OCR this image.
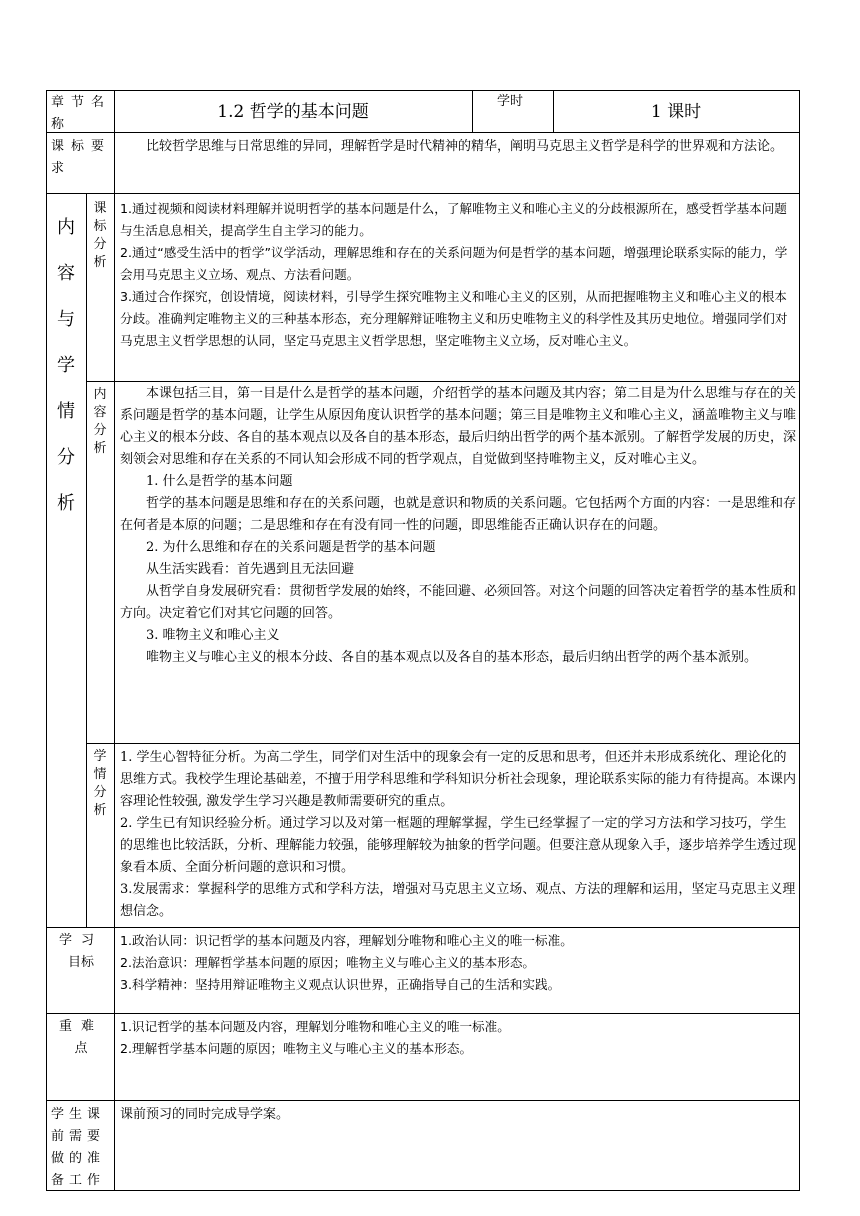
章节名称
1.2 哲学的基本问题
学时
1 课时
课标要求
比较哲学思维与日常思维的异同，理解哲学是时代精神的精华，阐明马克思主义哲学是科学的世界观和方法论。
内
容
与
学
情
分
析
课
标
分
析

1.通过视频和阅读材料理解并说明哲学的基本问题是什么，了解唯物主义和唯心主义的分歧根源所在，感受哲学基本问题与生活息息相关，提高学生自主学习的能力。

2.通过“感受生活中的哲学”议学活动，理解思维和存在的关系问题为何是哲学的基本问题，增强理论联系实际的能力，学会用马克思主义立场、观点、方法看问题。

3.通过合作探究，创设情境，阅读材料，引导学生探究唯物主义和唯心主义的区别，从而把握唯物主义和唯心主义的根本分歧。准确判定唯物主义的三种基本形态，充分理解辩证唯物主义和历史唯物主义的科学性及其历史地位。增强同学们对马克思主义哲学思想的认同，坚定马克思主义哲学思想，坚定唯物主义立场，反对唯心主义。

内
容
分
析

本课包括三目，第一目是什么是哲学的基本问题，介绍哲学的基本问题及其内容；第二目是为什么思维与存在的关系问题是哲学的基本问题，让学生从原因角度认识哲学的基本问题；第三目是唯物主义和唯心主义，涵盖唯物主义与唯心主义的根本分歧、各自的基本观点以及各自的基本形态，最后归纳出哲学的两个基本派别。了解哲学发展的历史，深刻领会对思维和存在关系的不同认知会形成不同的哲学观点，自觉做到坚持唯物主义，反对唯心主义。

1. 什么是哲学的基本问题

哲学的基本问题是思维和存在的关系问题，也就是意识和物质的关系问题。它包括两个方面的内容：一是思维和存在何者是本原的问题；二是思维和存在有没有同一性的问题，即思维能否正确认识存在的问题。

2. 为什么思维和存在的关系问题是哲学的基本问题

从生活实践看：首先遇到且无法回避

从哲学自身发展研究看：贯彻哲学发展的始终，不能回避、必须回答。对这个问题的回答决定着哲学的基本性质和方向。决定着它们对其它问题的回答。

3. 唯物主义和唯心主义

唯物主义与唯心主义的根本分歧、各自的基本观点以及各自的基本形态，最后归纳出哲学的两个基本派别。

学
情
分
析

1. 学生心智特征分析。为高二学生，同学们对生活中的现象会有一定的反思和思考，但还并未形成系统化、理论化的思维方式。我校学生理论基础差，不擅于用学科思维和学科知识分析社会现象，理论联系实际的能力有待提高。本课内容理论性较强, 激发学生学习兴趣是教师需要研究的重点。

2. 学生已有知识经验分析。通过学习以及对第一框题的理解掌握，学生已经掌握了一定的学习方法和学习技巧，学生的思维也比较活跃，分析、理解能力较强，能够理解较为抽象的哲学问题。但要注意从现象入手，逐步培养学生透过现象看本质、全面分析问题的意识和习惯。

3.发展需求：掌握科学的思维方式和学科方法，增强对马克思主义立场、观点、方法的理解和运用，坚定马克思主义理想信念。

学习

目标

1.政治认同：识记哲学的基本问题及内容，理解划分唯物和唯心主义的唯一标准。

2.法治意识：理解哲学基本问题的原因；唯物主义与唯心主义的基本形态。

3.科学精神：坚持用辩证唯物主义观点认识世界，正确指导自己的生活和实践。

重难

点

1.识记哲学的基本问题及内容，理解划分唯物和唯心主义的唯一标准。

2.理解哲学基本问题的原因；唯物主义与唯心主义的基本形态。

学生课前需要做的准备工作
课前预习的同时完成导学案。
